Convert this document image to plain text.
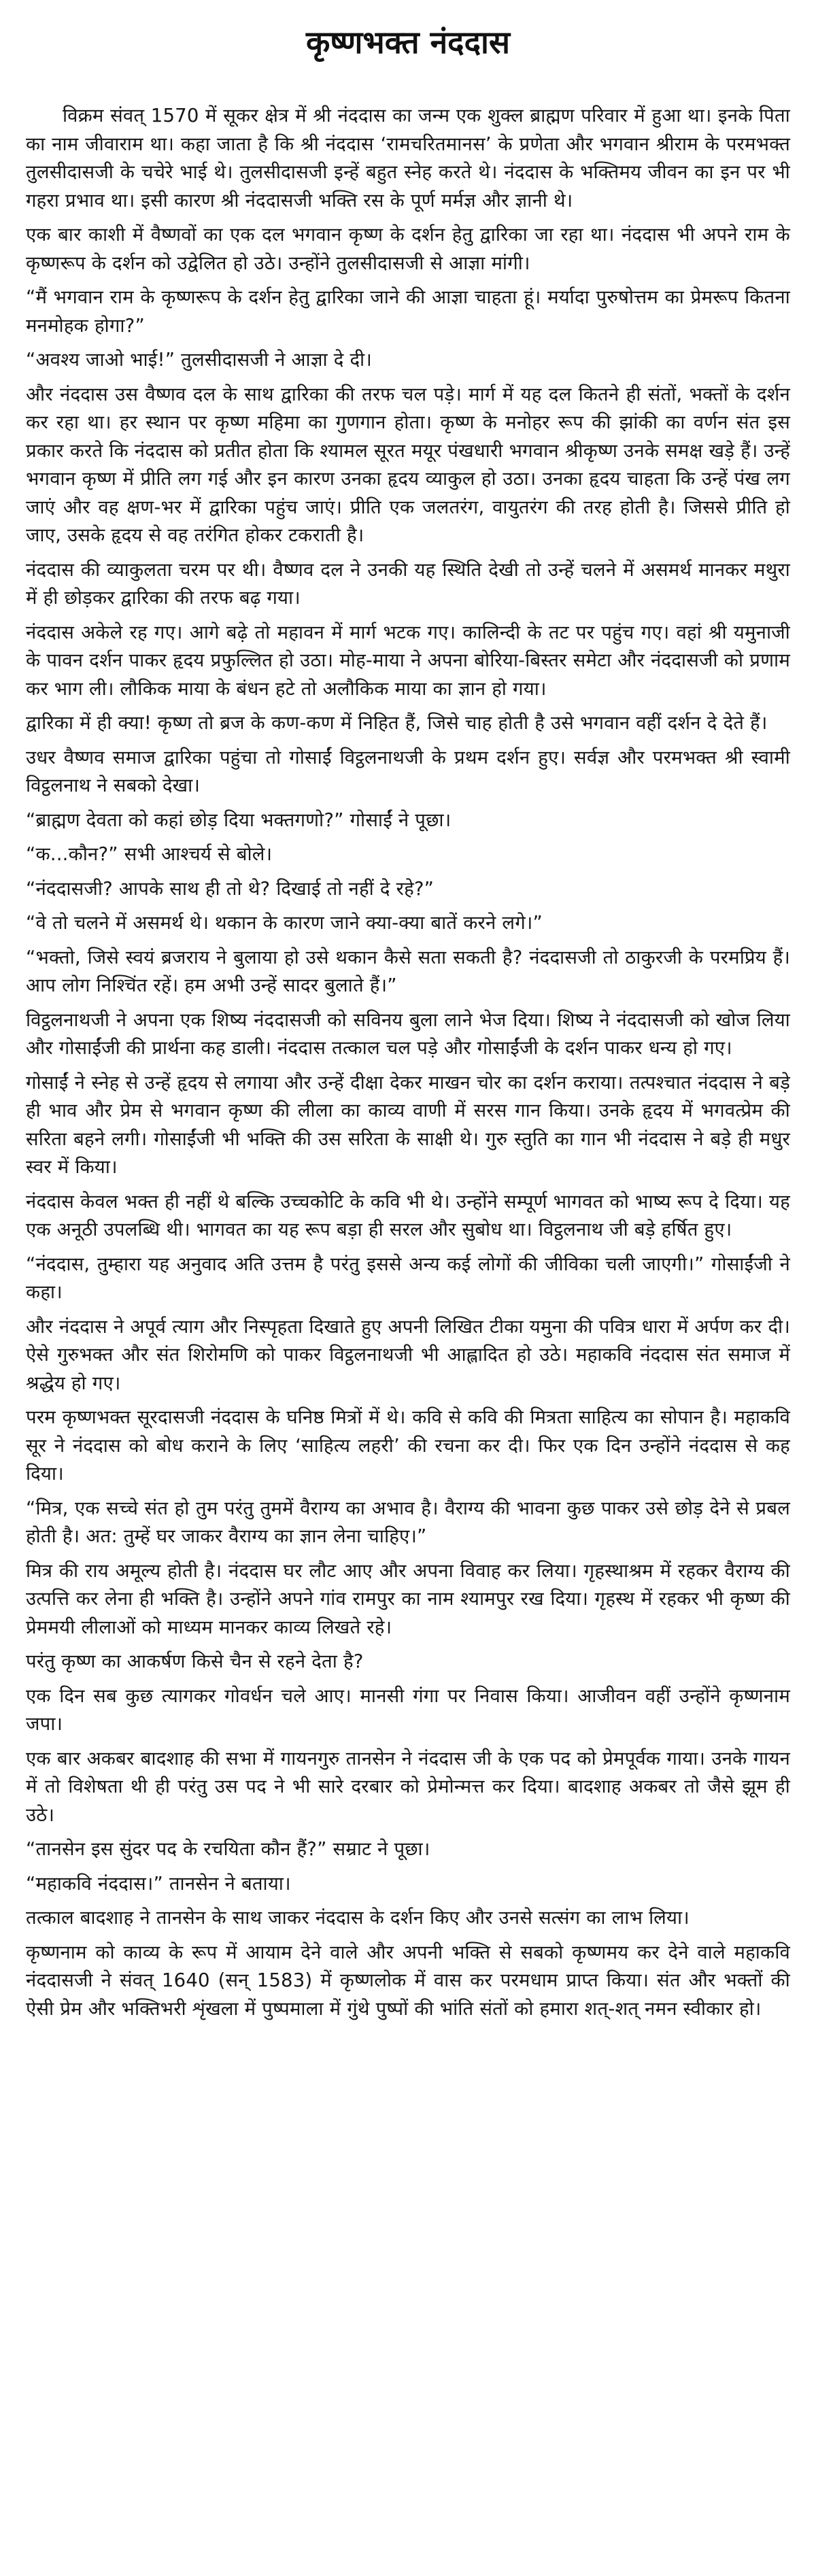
कृष्णभक्त नंददास

विक्रम संवत् 1570 में सूकर क्षेत्र में श्री नंददास का जन्म एक शुक्ल ब्राह्मण परिवार में हुआ था। इनके पिता का नाम जीवाराम था। कहा जाता है कि श्री नंददास ‘रामचरितमानस’ के प्रणेता और भगवान श्रीराम के परमभक्त तुलसीदासजी के चचेरे भाई थे। तुलसीदासजी इन्हें बहुत स्नेह करते थे। नंददास के भक्तिमय जीवन का इन पर भी गहरा प्रभाव था। इसी कारण श्री नंददासजी भक्ति रस के पूर्ण मर्मज्ञ और ज्ञानी थे।

एक बार काशी में वैष्णवों का एक दल भगवान कृष्ण के दर्शन हेतु द्वारिका जा रहा था। नंददास भी अपने राम के कृष्णरूप के दर्शन को उद्वेलित हो उठे। उन्होंने तुलसीदासजी से आज्ञा मांगी।

“मैं भगवान राम के कृष्णरूप के दर्शन हेतु द्वारिका जाने की आज्ञा चाहता हूं। मर्यादा पुरुषोत्तम का प्रेमरूप कितना मनमोहक होगा?”

“अवश्य जाओ भाई!” तुलसीदासजी ने आज्ञा दे दी।

और नंददास उस वैष्णव दल के साथ द्वारिका की तरफ चल पड़े। मार्ग में यह दल कितने ही संतों, भक्तों के दर्शन कर रहा था। हर स्थान पर कृष्ण महिमा का गुणगान होता। कृष्ण के मनोहर रूप की झांकी का वर्णन संत इस प्रकार करते कि नंददास को प्रतीत होता कि श्यामल सूरत मयूर पंखधारी भगवान श्रीकृष्ण उनके समक्ष खड़े हैं। उन्हें भगवान कृष्ण में प्रीति लग गई और इन कारण उनका हृदय व्याकुल हो उठा। उनका हृदय चाहता कि उन्हें पंख लग जाएं और वह क्षण-भर में द्वारिका पहुंच जाएं। प्रीति एक जलतरंग, वायुतरंग की तरह होती है। जिससे प्रीति हो जाए, उसके हृदय से वह तरंगित होकर टकराती है।

नंददास की व्याकुलता चरम पर थी। वैष्णव दल ने उनकी यह स्थिति देखी तो उन्हें चलने में असमर्थ मानकर मथुरा में ही छोड़कर द्वारिका की तरफ बढ़ गया।

नंददास अकेले रह गए। आगे बढ़े तो महावन में मार्ग भटक गए। कालिन्दी के तट पर पहुंच गए। वहां श्री यमुनाजी के पावन दर्शन पाकर हृदय प्रफुल्लित हो उठा। मोह-माया ने अपना बोरिया-बिस्तर समेटा और नंददासजी को प्रणाम कर भाग ली। लौकिक माया के बंधन हटे तो अलौकिक माया का ज्ञान हो गया।

द्वारिका में ही क्या! कृष्ण तो ब्रज के कण-कण में निहित हैं, जिसे चाह होती है उसे भगवान वहीं दर्शन दे देते हैं।

उधर वैष्णव समाज द्वारिका पहुंचा तो गोसाईं विट्ठलनाथजी के प्रथम दर्शन हुए। सर्वज्ञ और परमभक्त श्री स्वामी विट्ठलनाथ ने सबको देखा।

“ब्राह्मण देवता को कहां छोड़ दिया भक्तगणो?” गोसाईं ने पूछा।

“क...कौन?” सभी आश्चर्य से बोले।

“नंददासजी? आपके साथ ही तो थे? दिखाई तो नहीं दे रहे?”

“वे तो चलने में असमर्थ थे। थकान के कारण जाने क्या-क्या बातें करने लगे।”

“भक्तो, जिसे स्वयं ब्रजराय ने बुलाया हो उसे थकान कैसे सता सकती है? नंददासजी तो ठाकुरजी के परमप्रिय हैं। आप लोग निश्चिंत रहें। हम अभी उन्हें सादर बुलाते हैं।”

विट्ठलनाथजी ने अपना एक शिष्य नंददासजी को सविनय बुला लाने भेज दिया। शिष्य ने नंददासजी को खोज लिया और गोसाईंजी की प्रार्थना कह डाली। नंददास तत्काल चल पड़े और गोसाईंजी के दर्शन पाकर धन्य हो गए।

गोसाईं ने स्नेह से उन्हें हृदय से लगाया और उन्हें दीक्षा देकर माखन चोर का दर्शन कराया। तत्पश्चात नंददास ने बड़े ही भाव और प्रेम से भगवान कृष्ण की लीला का काव्य वाणी में सरस गान किया। उनके हृदय में भगवत्प्रेम की सरिता बहने लगी। गोसाईंजी भी भक्ति की उस सरिता के साक्षी थे। गुरु स्तुति का गान भी नंददास ने बड़े ही मधुर स्वर में किया।

नंददास केवल भक्त ही नहीं थे बल्कि उच्चकोटि के कवि भी थे। उन्होंने सम्पूर्ण भागवत को भाष्य रूप दे दिया। यह एक अनूठी उपलब्धि थी। भागवत का यह रूप बड़ा ही सरल और सुबोध था। विट्ठलनाथ जी बड़े हर्षित हुए।

“नंददास, तुम्हारा यह अनुवाद अति उत्तम है परंतु इससे अन्य कई लोगों की जीविका चली जाएगी।” गोसाईंजी ने कहा।

और नंददास ने अपूर्व त्याग और निस्पृहता दिखाते हुए अपनी लिखित टीका यमुना की पवित्र धारा में अर्पण कर दी। ऐसे गुरुभक्त और संत शिरोमणि को पाकर विट्ठलनाथजी भी आह्लादित हो उठे। महाकवि नंददास संत समाज में श्रद्धेय हो गए।

परम कृष्णभक्त सूरदासजी नंददास के घनिष्ठ मित्रों में थे। कवि से कवि की मित्रता साहित्य का सोपान है। महाकवि सूर ने नंददास को बोध कराने के लिए ‘साहित्य लहरी’ की रचना कर दी। फिर एक दिन उन्होंने नंददास से कह दिया।

“मित्र, एक सच्चे संत हो तुम परंतु तुममें वैराग्य का अभाव है। वैराग्य की भावना कुछ पाकर उसे छोड़ देने से प्रबल होती है। अत: तुम्हें घर जाकर वैराग्य का ज्ञान लेना चाहिए।”

मित्र की राय अमूल्य होती है। नंददास घर लौट आए और अपना विवाह कर लिया। गृहस्थाश्रम में रहकर वैराग्य की उत्पत्ति कर लेना ही भक्ति है। उन्होंने अपने गांव रामपुर का नाम श्यामपुर रख दिया। गृहस्थ में रहकर भी कृष्ण की प्रेममयी लीलाओं को माध्यम मानकर काव्य लिखते रहे।

परंतु कृष्ण का आकर्षण किसे चैन से रहने देता है?

एक दिन सब कुछ त्यागकर गोवर्धन चले आए। मानसी गंगा पर निवास किया। आजीवन वहीं उन्होंने कृष्णनाम जपा।

एक बार अकबर बादशाह की सभा में गायनगुरु तानसेन ने नंददास जी के एक पद को प्रेमपूर्वक गाया। उनके गायन में तो विशेषता थी ही परंतु उस पद ने भी सारे दरबार को प्रेमोन्मत्त कर दिया। बादशाह अकबर तो जैसे झूम ही उठे।

“तानसेन इस सुंदर पद के रचयिता कौन हैं?” सम्राट ने पूछा।

“महाकवि नंददास।” तानसेन ने बताया।

तत्काल बादशाह ने तानसेन के साथ जाकर नंददास के दर्शन किए और उनसे सत्संग का लाभ लिया।

कृष्णनाम को काव्य के रूप में आयाम देने वाले और अपनी भक्ति से सबको कृष्णमय कर देने वाले महाकवि नंददासजी ने संवत् 1640 (सन् 1583) में कृष्णलोक में वास कर परमधाम प्राप्त किया। संत और भक्तों की ऐसी प्रेम और भक्तिभरी शृंखला में पुष्पमाला में गुंथे पुष्पों की भांति संतों को हमारा शत्-शत् नमन स्वीकार हो।
